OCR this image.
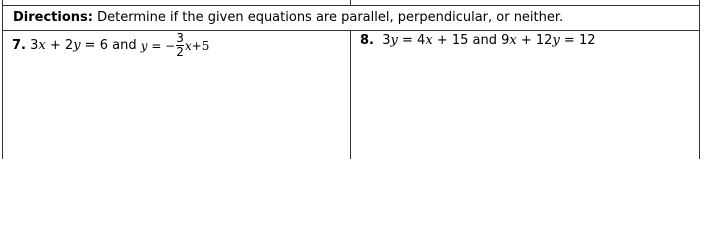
Directions: Determine if the given equations are parallel, perpendicular, or neither.
7.
3 x + 2 y = 6 and y = − $\frac{3}{2}$ x +5	8. 3y = 4x + 15 and 9x + 12y = 12
